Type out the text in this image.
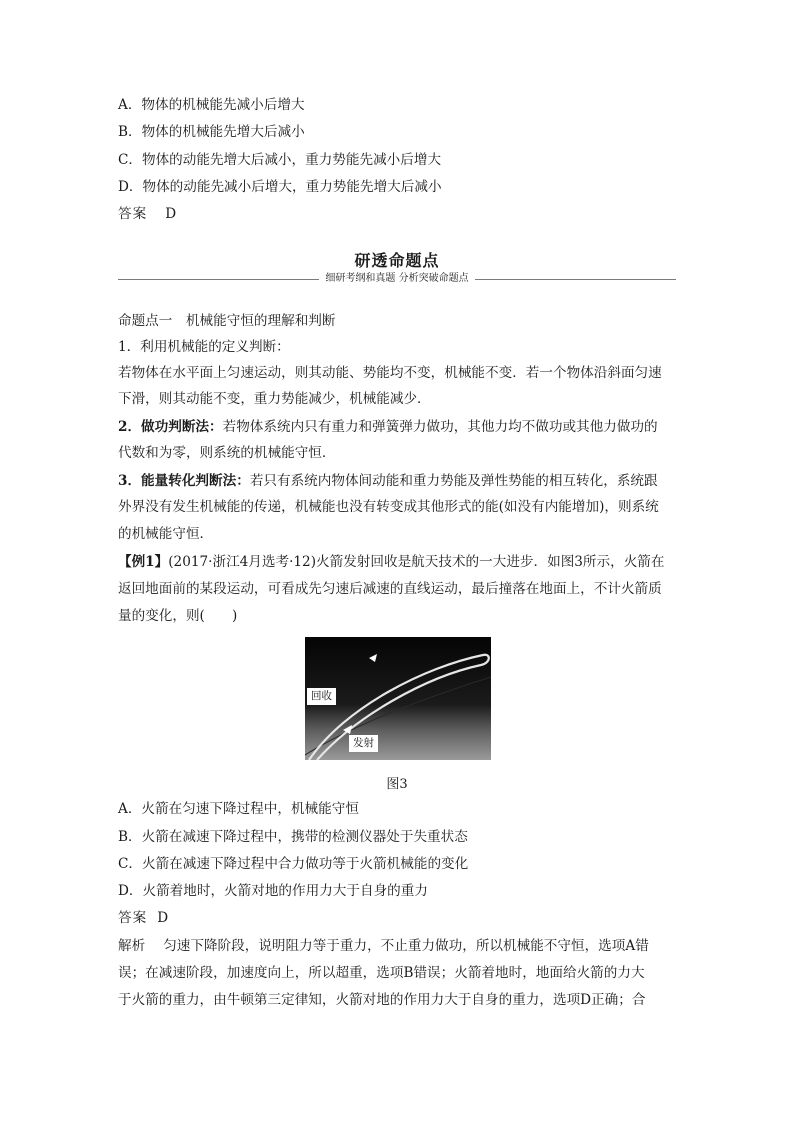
A．物体的机械能先减小后增大
B．物体的机械能先增大后减小
C．物体的动能先增大后减小，重力势能先减小后增大
D．物体的动能先减小后增大，重力势能先增大后减小
答案 D
研透命题点
细研考纲和真题 分析突破命题点
命题点一　机械能守恒的理解和判断
1．利用机械能的定义判断：
若物体在水平面上匀速运动，则其动能、势能均不变，机械能不变．若一个物体沿斜面匀速
下滑，则其动能不变，重力势能减少，机械能减少．
2．做功判断法：若物体系统内只有重力和弹簧弹力做功，其他力均不做功或其他力做功的
代数和为零，则系统的机械能守恒．
3．能量转化判断法：若只有系统内物体间动能和重力势能及弹性势能的相互转化，系统跟
外界没有发生机械能的传递，机械能也没有转变成其他形式的能(如没有内能增加)，则系统
的机械能守恒．
【例1】(2017·浙江4月选考·12)火箭发射回收是航天技术的一大进步．如图3所示，火箭在
返回地面前的某段运动，可看成先匀速后减速的直线运动，最后撞落在地面上，不计火箭质
量的变化，则(　　)
回收
发射
图3
A．火箭在匀速下降过程中，机械能守恒
B．火箭在减速下降过程中，携带的检测仪器处于失重状态
C．火箭在减速下降过程中合力做功等于火箭机械能的变化
D．火箭着地时，火箭对地的作用力大于自身的重力
答案 D
解析 匀速下降阶段，说明阻力等于重力，不止重力做功，所以机械能不守恒，选项A错
误；在减速阶段，加速度向上，所以超重，选项B错误；火箭着地时，地面给火箭的力大
于火箭的重力，由牛顿第三定律知，火箭对地的作用力大于自身的重力，选项D正确；合
